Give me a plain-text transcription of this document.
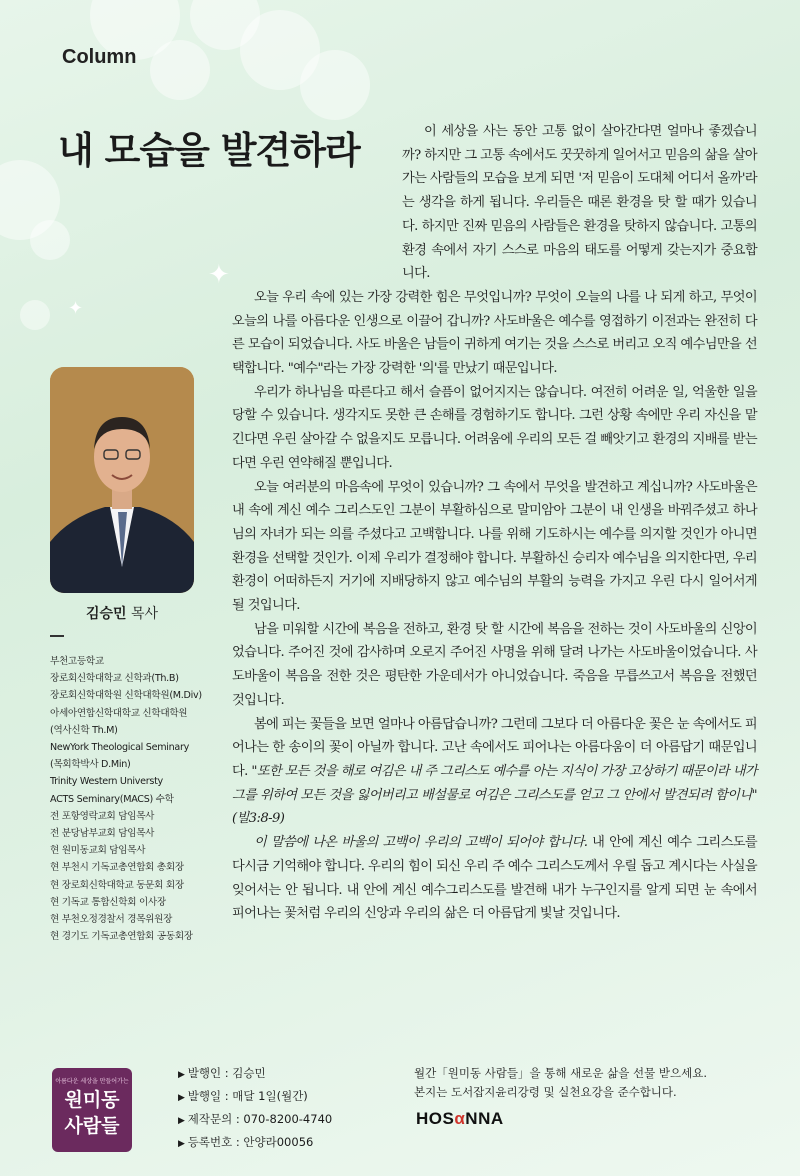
✦
✦
Column
내 모습을 발견하라
김승민 목사
부천고등학교
장로회신학대학교 신학과(Th.B)
장로회신학대학원 신학대학원(M.Div)
아세아연합신학대학교 신학대학원
(역사신학 Th.M)
NewYork Theological Seminary
(목회학박사 D.Min)
Trinity Western Universty
ACTS Seminary(MACS) 수학
전 포항영락교회 담임목사
전 분당남부교회 담임목사
현 원미동교회 담임목사
현 부천시 기독교총연합회 총회장
현 장로회신학대학교 동문회 회장
현 기독교 통합신학회 이사장
현 부천오정경찰서 경목위원장
현 경기도 기독교총연합회 공동회장

이 세상을 사는 동안 고통 없이 살아간다면 얼마나 좋겠습니까? 하지만 그 고통 속에서도 꿋꿋하게 일어서고 믿음의 삶을 살아가는 사람들의 모습을 보게 되면 '저 믿음이 도대체 어디서 올까'라는 생각을 하게 됩니다. 우리들은 때론 환경을 탓 할 때가 있습니다. 하지만 진짜 믿음의 사람들은 환경을 탓하지 않습니다. 고통의 환경 속에서 자기 스스로 마음의 태도를 어떻게 갖는지가 중요합니다.

오늘 우리 속에 있는 가장 강력한 힘은 무엇입니까? 무엇이 오늘의 나를 나 되게 하고, 무엇이 오늘의 나를 아름다운 인생으로 이끌어 갑니까? 사도바울은 예수를 영접하기 이전과는 완전히 다른 모습이 되었습니다. 사도 바울은 남들이 귀하게 여기는 것을 스스로 버리고 오직 예수님만을 선택합니다. "예수"라는 가장 강력한 '의'를 만났기 때문입니다.

우리가 하나님을 따른다고 해서 슬픔이 없어지지는 않습니다. 여전히 어려운 일, 억울한 일을 당할 수 있습니다. 생각지도 못한 큰 손해를 경험하기도 합니다. 그런 상황 속에만 우리 자신을 맡긴다면 우린 살아갈 수 없을지도 모릅니다. 어려움에 우리의 모든 걸 빼앗기고 환경의 지배를 받는다면 우린 연약해질 뿐입니다.

오늘 여러분의 마음속에 무엇이 있습니까? 그 속에서 무엇을 발견하고 계십니까? 사도바울은 내 속에 계신 예수 그리스도인 그분이 부활하심으로 말미암아 그분이 내 인생을 바꿔주셨고 하나님의 자녀가 되는 의를 주셨다고 고백합니다. 나를 위해 기도하시는 예수를 의지할 것인가 아니면 환경을 선택할 것인가. 이제 우리가 결정해야 합니다. 부활하신 승리자 예수님을 의지한다면, 우리 환경이 어떠하든지 거기에 지배당하지 않고 예수님의 부활의 능력을 가지고 우린 다시 일어서게 될 것입니다.

남을 미워할 시간에 복음을 전하고, 환경 탓 할 시간에 복음을 전하는 것이 사도바울의 신앙이었습니다. 주어진 것에 감사하며 오로지 주어진 사명을 위해 달려 나가는 사도바울이었습니다. 사도바울이 복음을 전한 것은 평탄한 가운데서가 아니었습니다. 죽음을 무릅쓰고서 복음을 전했던 것입니다.

봄에 피는 꽃들을 보면 얼마나 아름답습니까? 그런데 그보다 더 아름다운 꽃은 눈 속에서도 피어나는 한 송이의 꽃이 아닐까 합니다. 고난 속에서도 피어나는 아름다움이 더 아름답기 때문입니다. "또한 모든 것을 해로 여김은 내 주 그리스도 예수를 아는 지식이 가장 고상하기 때문이라 내가 그를 위하여 모든 것을 잃어버리고 배설물로 여김은 그리스도를 얻고 그 안에서 발견되려 함이니"(빌3:8-9)

이 말씀에 나온 바울의 고백이 우리의 고백이 되어야 합니다. 내 안에 계신 예수 그리스도를 다시금 기억해야 합니다. 우리의 힘이 되신 우리 주 예수 그리스도께서 우릴 돕고 계시다는 사실을 잊어서는 안 됩니다. 내 안에 계신 예수그리스도를 발견해 내가 누구인지를 알게 되면 눈 속에서 피어나는 꽃처럼 우리의 신앙과 우리의 삶은 더 아름답게 빛날 것입니다.

아름다운 세상을 만들어가는
원미동
사람들
▶ 발행인 : 김승민
▶ 발행일 : 매달 1일(월간)
▶ 제작문의 : 070-8200-4740
▶ 등록번호 : 안양라00056
월간「원미동 사람들」을 통해 새로운 삶을 선물 받으세요.
본지는 도서잡지윤리강령 및 실천요강을 준수합니다.
HOSαNNA
